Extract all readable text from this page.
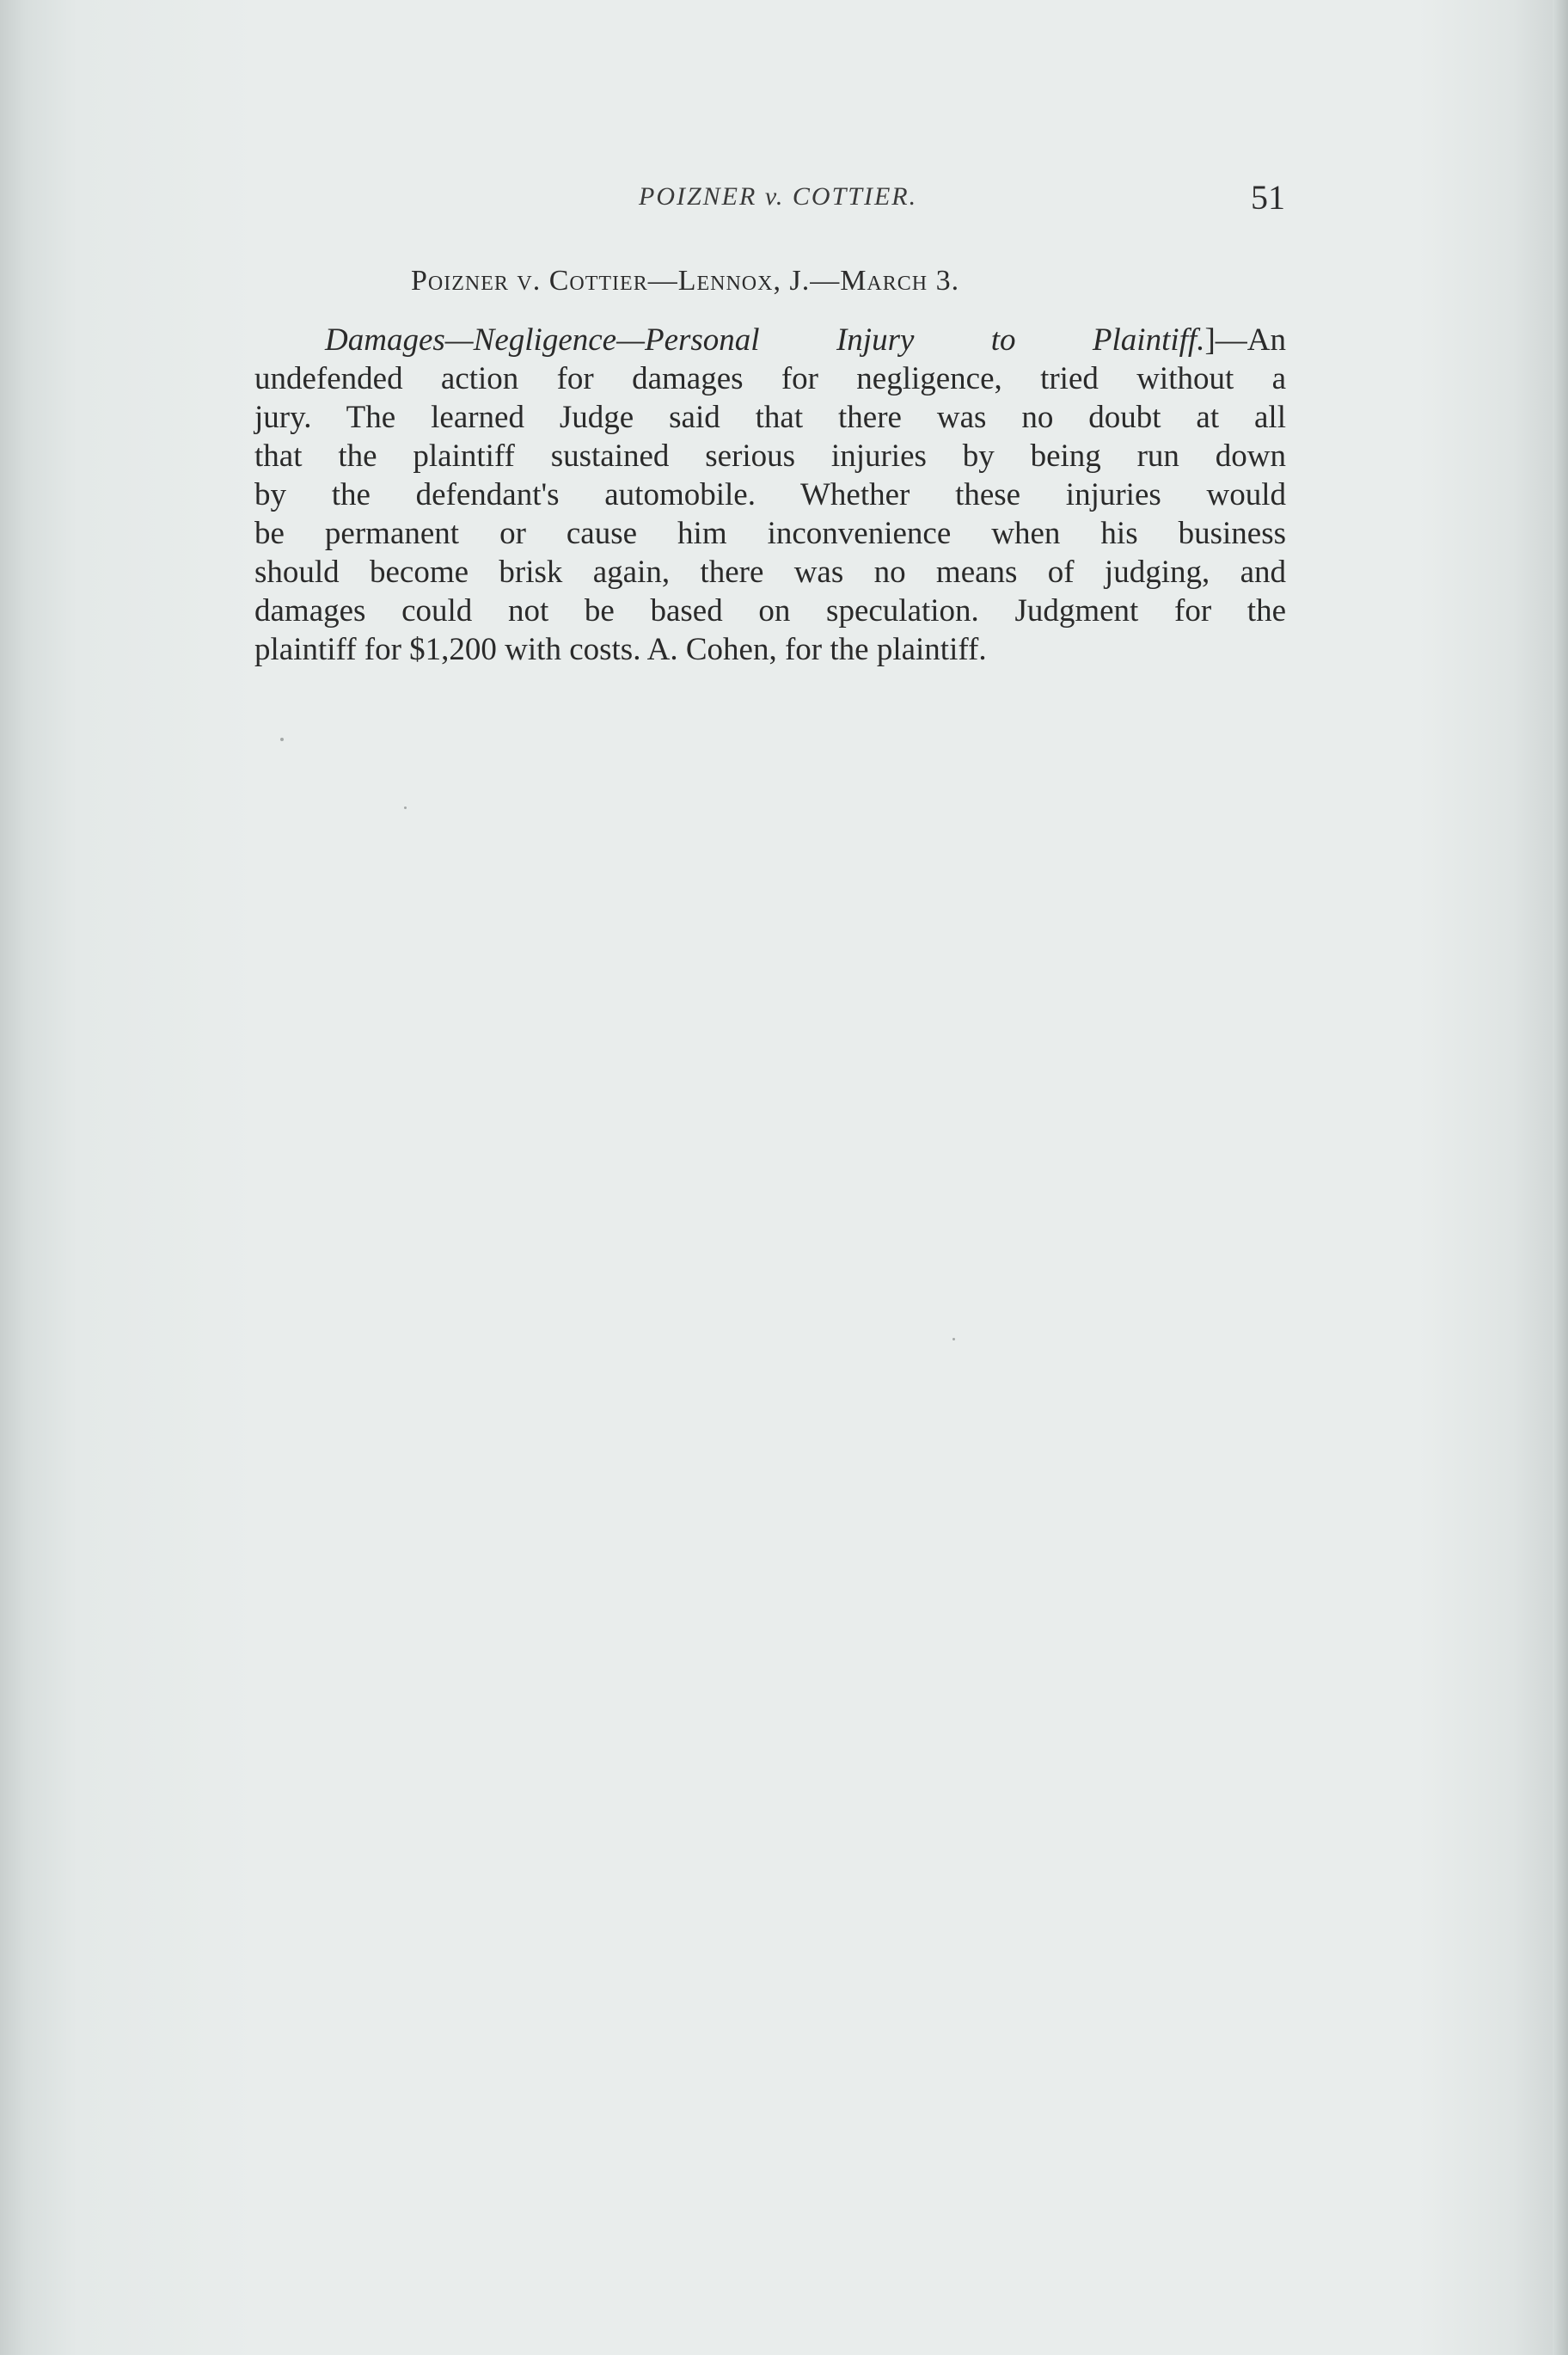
POIZNER v. COTTIER.	51
Poizner v. Cottier—Lennox, J.—March 3.
Damages—Negligence—Personal Injury to Plaintiff.]—An
undefended action for damages for negligence, tried without a
jury. The learned Judge said that there was no doubt at all
that the plaintiff sustained serious injuries by being run down
by the defendant's automobile. Whether these injuries would
be permanent or cause him inconvenience when his business
should become brisk again, there was no means of judging, and
damages could not be based on speculation. Judgment for the
plaintiff for $1,200 with costs. A. Cohen, for the plaintiff.
